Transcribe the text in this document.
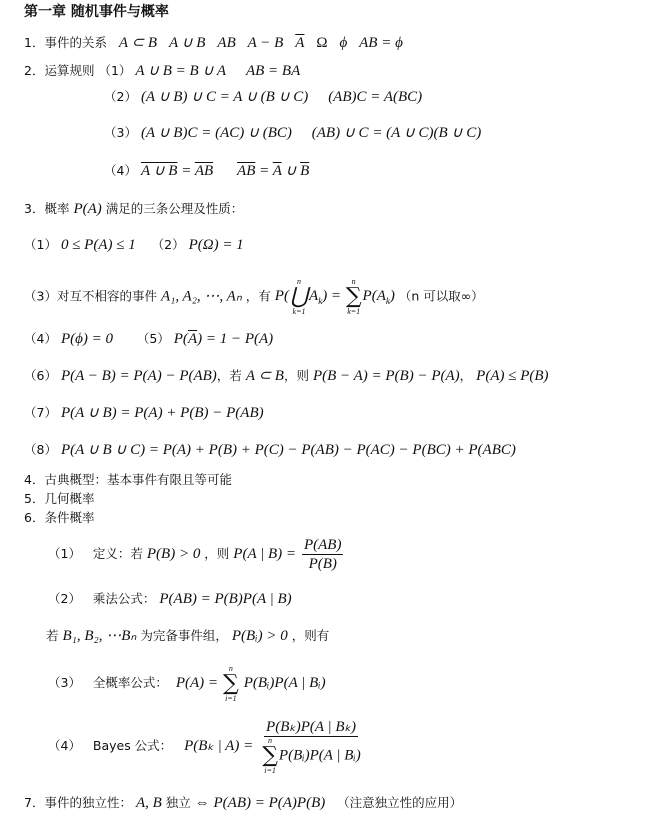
第一章 随机事件与概率
1．事件的关系 A ⊂ B A ∪ B AB A − B $\overline{A}$ Ω ϕ AB = ϕ
2．运算规则 （1） A ∪ B = B ∪ A AB = BA
（2） (A ∪ B) ∪ C = A ∪ (B ∪ C) (AB)C = A(BC)
（3） (A ∪ B)C = (AC) ∪ (BC) (AB) ∪ C = (A ∪ C)(B ∪ C)
（4） A ∪ $B = \overline{A}\overline{B}$ $\overline{AB} = \overline{A}$ ∪ $\overline{B}$
3．概率 P(A) 满足的三条公理及性质：
（1） 0 ≤ P(A) ≤ 1 （2） P(Ω) = 1
（3）对互不相容的事件 A₁, A₂, ⋯, Aₙ ，有 P(
n
⋃
k=1
$A_k$) =
n
∑
k=1
$P(A_k)$ （n 可以取∞）
（4） P(ϕ) = 0 （5） $P(\overline{A}) = 1 - P(A)$
（6） P(A − B) = P(A) − P(AB)，若 A ⊂ B，则 P(B − A) = P(B) − P(A)， P(A) ≤ P(B)
（7） P(A ∪ B) = P(A) + P(B) − P(AB)
（8） P(A ∪ B ∪ C) = P(A) + P(B) + P(C) − P(AB) − P(AC) − P(BC) + P(ABC)
4．古典概型：基本事件有限且等可能
5．几何概率
6．条件概率
（1） 定义：若 P(B) > 0 ，则 P(A | $B) = \frac{P(AB)}{P(B)}$
（2） 乘法公式： P(AB) = P(B)P(A | B)
若 B₁, B₂, ⋯Bₙ 为完备事件组， P(Bᵢ) > 0 ，则有
（3） 全概率公式： P(A) =
n
∑
i=1
P(Bᵢ)P(A | Bᵢ)
（4） Bayes 公式： P(Bₖ | A) = P(Bₖ)P(A | Bₖ)
n
∑
i=1
P(Bᵢ)P(A | Bᵢ)
7．事件的独立性： A, B 独立 ⇔ P(AB) = P(A)P(B) （注意独立性的应用）
